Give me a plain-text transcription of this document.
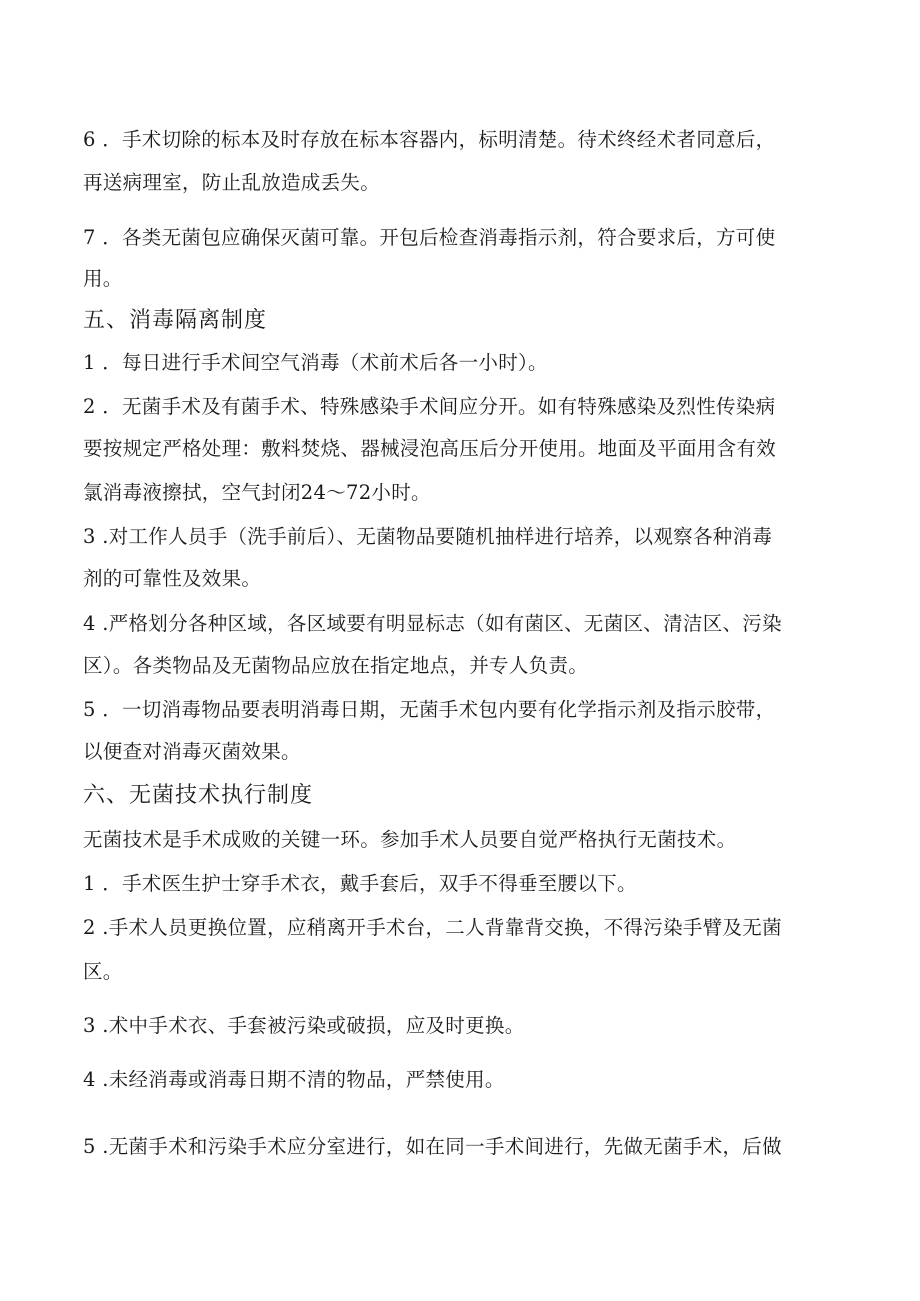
6 ．手术切除的标本及时存放在标本容器内，标明清楚。待术终经术者同意后，
再送病理室，防止乱放造成丢失。
7 ．各类无菌包应确保灭菌可靠。开包后检查消毒指示剂，符合要求后，方可使
用。
五、消毒隔离制度
1 ．每日进行手术间空气消毒（术前术后各一小时）。
2 ．无菌手术及有菌手术、特殊感染手术间应分开。如有特殊感染及烈性传染病
要按规定严格处理：敷料焚烧、器械浸泡高压后分开使用。地面及平面用含有效
氯消毒液擦拭，空气封闭24～72小时。
3 .对工作人员手（洗手前后）、无菌物品要随机抽样进行培养，以观察各种消毒
剂的可靠性及效果。
4 .严格划分各种区域，各区域要有明显标志（如有菌区、无菌区、清洁区、污染
区）。各类物品及无菌物品应放在指定地点，并专人负责。
5 ．一切消毒物品要表明消毒日期，无菌手术包内要有化学指示剂及指示胶带，
以便查对消毒灭菌效果。
六、无菌技术执行制度
无菌技术是手术成败的关键一环。参加手术人员要自觉严格执行无菌技术。
1 ．手术医生护士穿手术衣，戴手套后，双手不得垂至腰以下。
2 .手术人员更换位置，应稍离开手术台，二人背靠背交换，不得污染手臂及无菌
区。
3 .术中手术衣、手套被污染或破损，应及时更换。
4 .未经消毒或消毒日期不清的物品，严禁使用。
5 .无菌手术和污染手术应分室进行，如在同一手术间进行，先做无菌手术，后做
